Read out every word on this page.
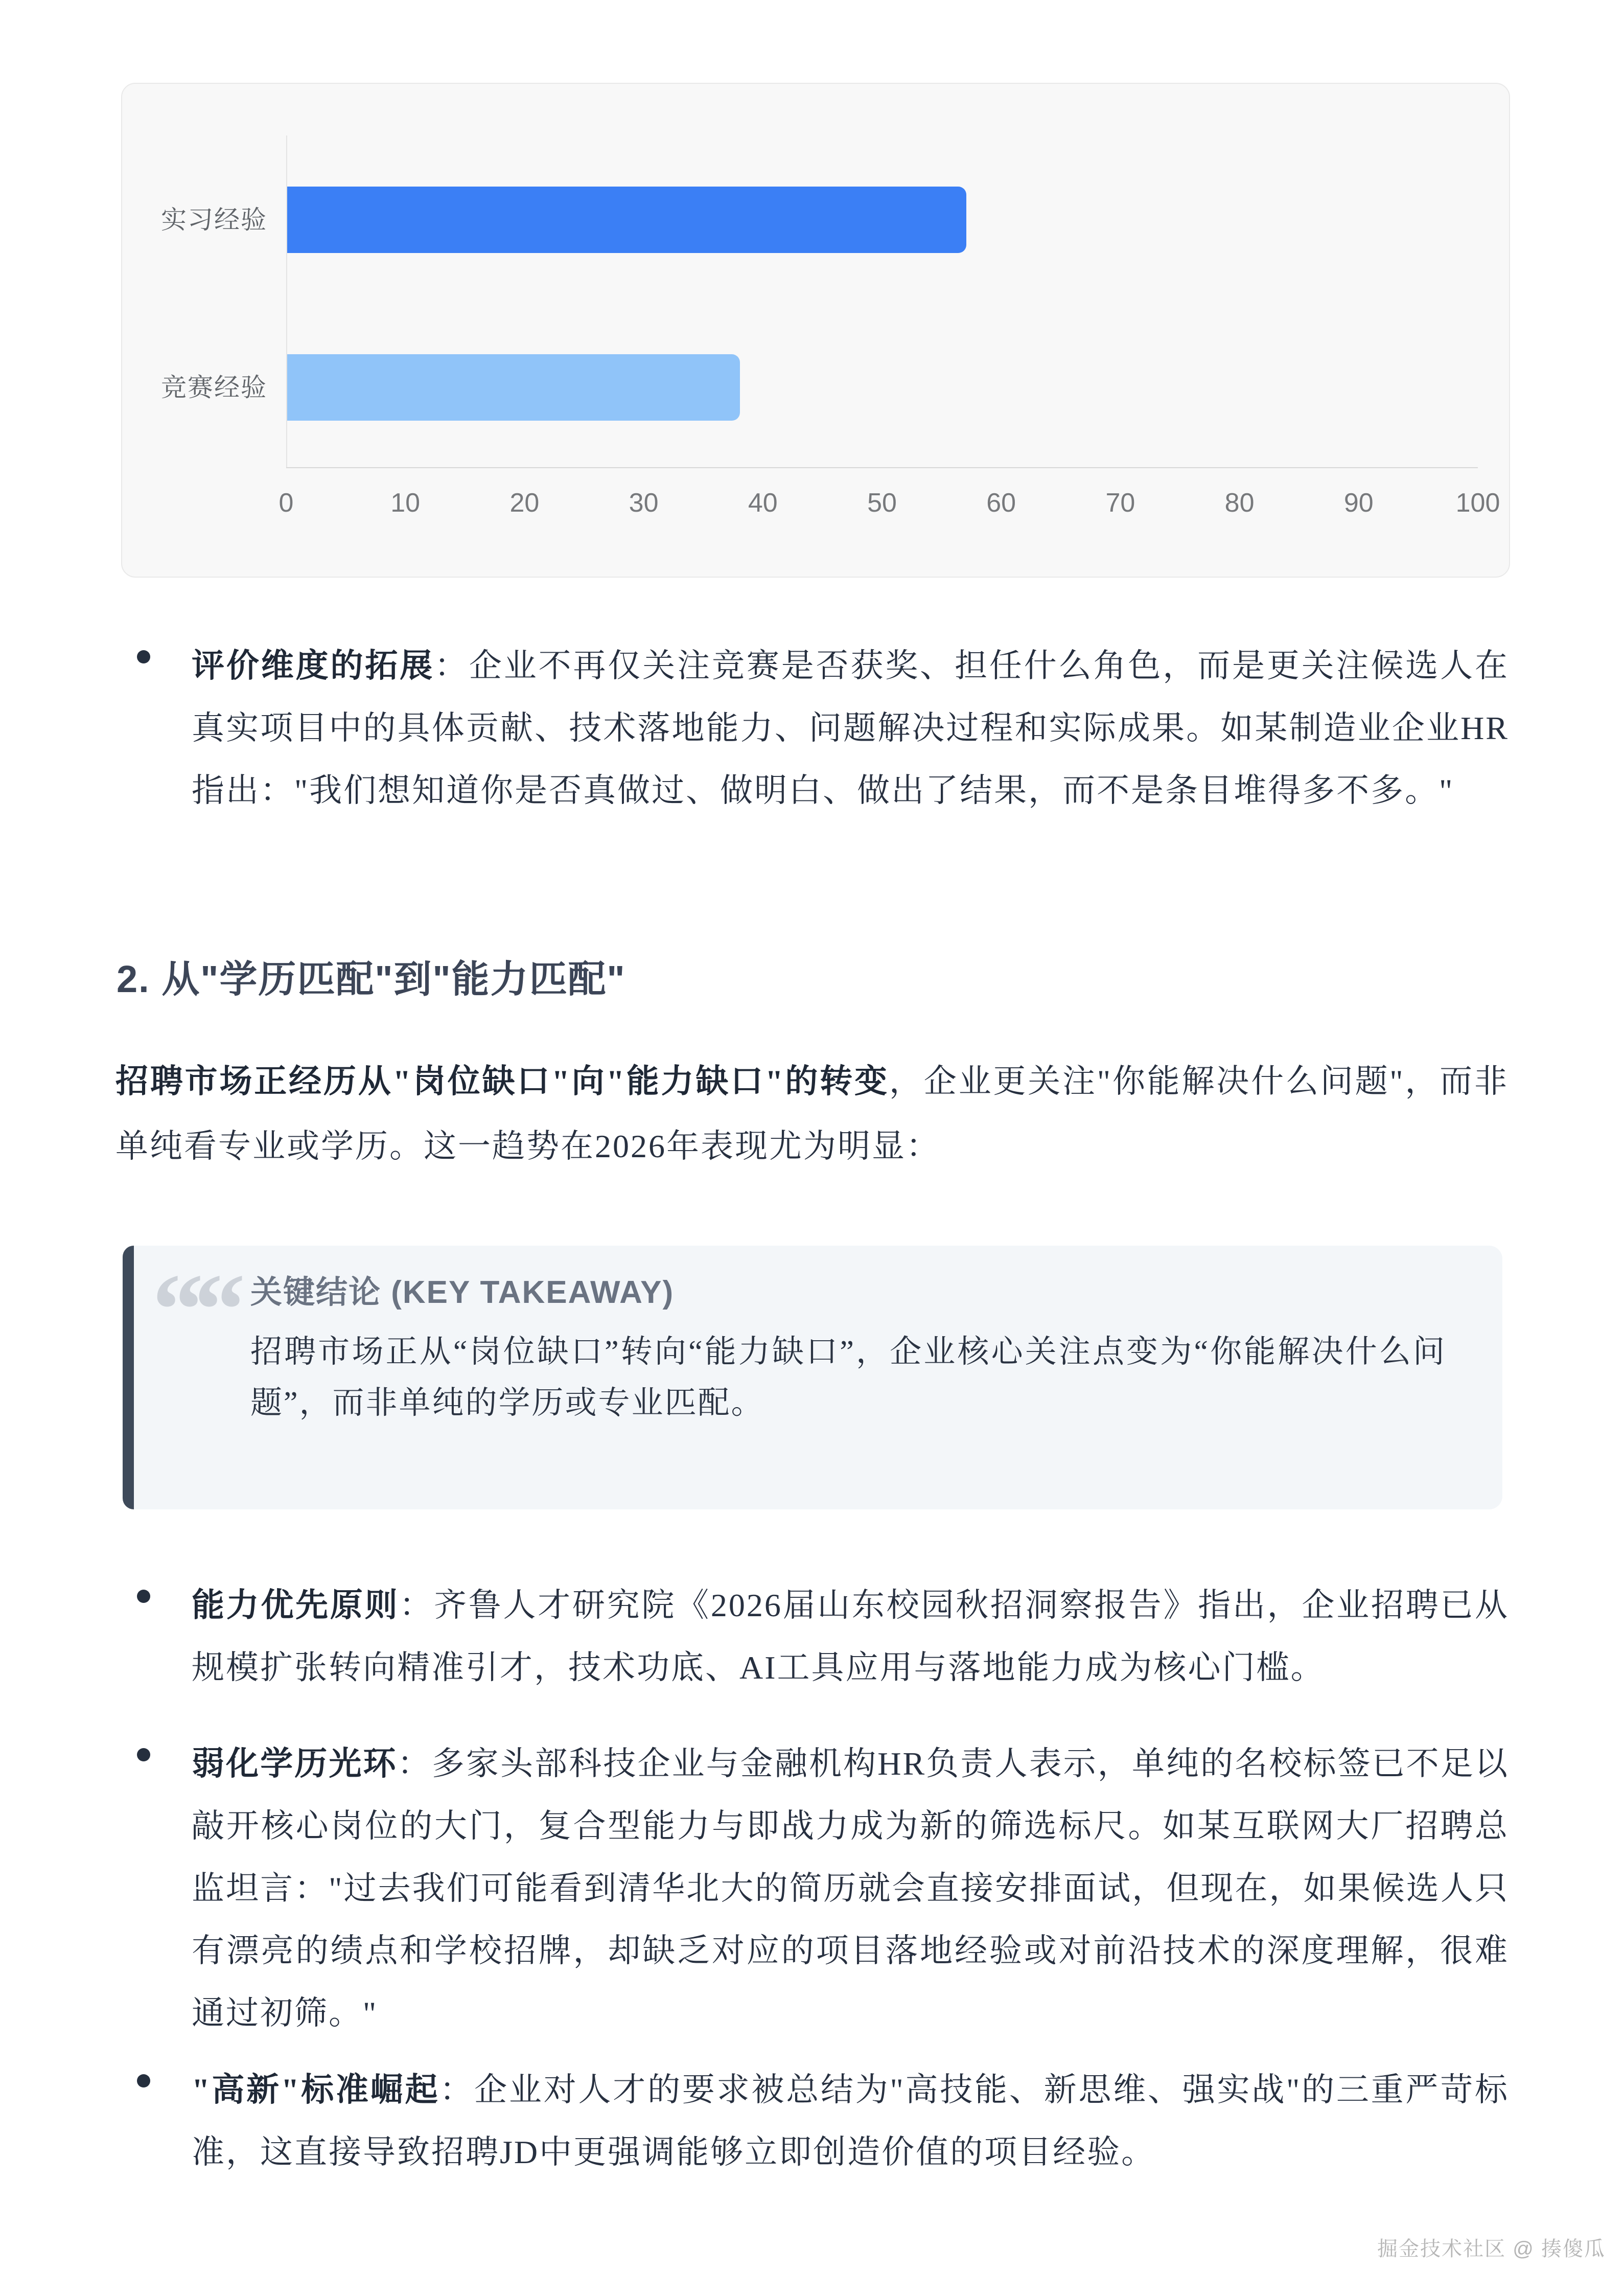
实习经验
竞赛经验
0	10	20	30	40	50	60	70	80	90	100
评价维度的拓展：企业不再仅关注竞赛是否获奖、担任什么角色，而是更关注候选人在真实项目中的具体贡献、技术落地能力、问题解决过程和实际成果。如某制造业企业HR指出："我们想知道你是否真做过、做明白、做出了结果，而不是条目堆得多不多。"
2. 从"学历匹配"到"能力匹配"

招聘市场正经历从"岗位缺口"向"能力缺口"的转变，企业更关注"你能解决什么问题"，而非单纯看专业或学历。这一趋势在2026年表现尤为明显：

““ 关键结论 (KEY TAKEAWAY)
招聘市场正从“岗位缺口”转向“能力缺口”，企业核心关注点变为“你能解决什么问题”，而非单纯的学历或专业匹配。
能力优先原则：齐鲁人才研究院《2026届山东校园秋招洞察报告》指出，企业招聘已从规模扩张转向精准引才，技术功底、AI工具应用与落地能力成为核心门槛。
弱化学历光环：多家头部科技企业与金融机构HR负责人表示，单纯的名校标签已不足以敲开核心岗位的大门，复合型能力与即战力成为新的筛选标尺。如某互联网大厂招聘总监坦言："过去我们可能看到清华北大的简历就会直接安排面试，但现在，如果候选人只有漂亮的绩点和学校招牌，却缺乏对应的项目落地经验或对前沿技术的深度理解，很难通过初筛。"
"高新"标准崛起：企业对人才的要求被总结为"高技能、新思维、强实战"的三重严苛标准，这直接导致招聘JD中更强调能够立即创造价值的项目经验。
掘金技术社区 @ 揍傻瓜
